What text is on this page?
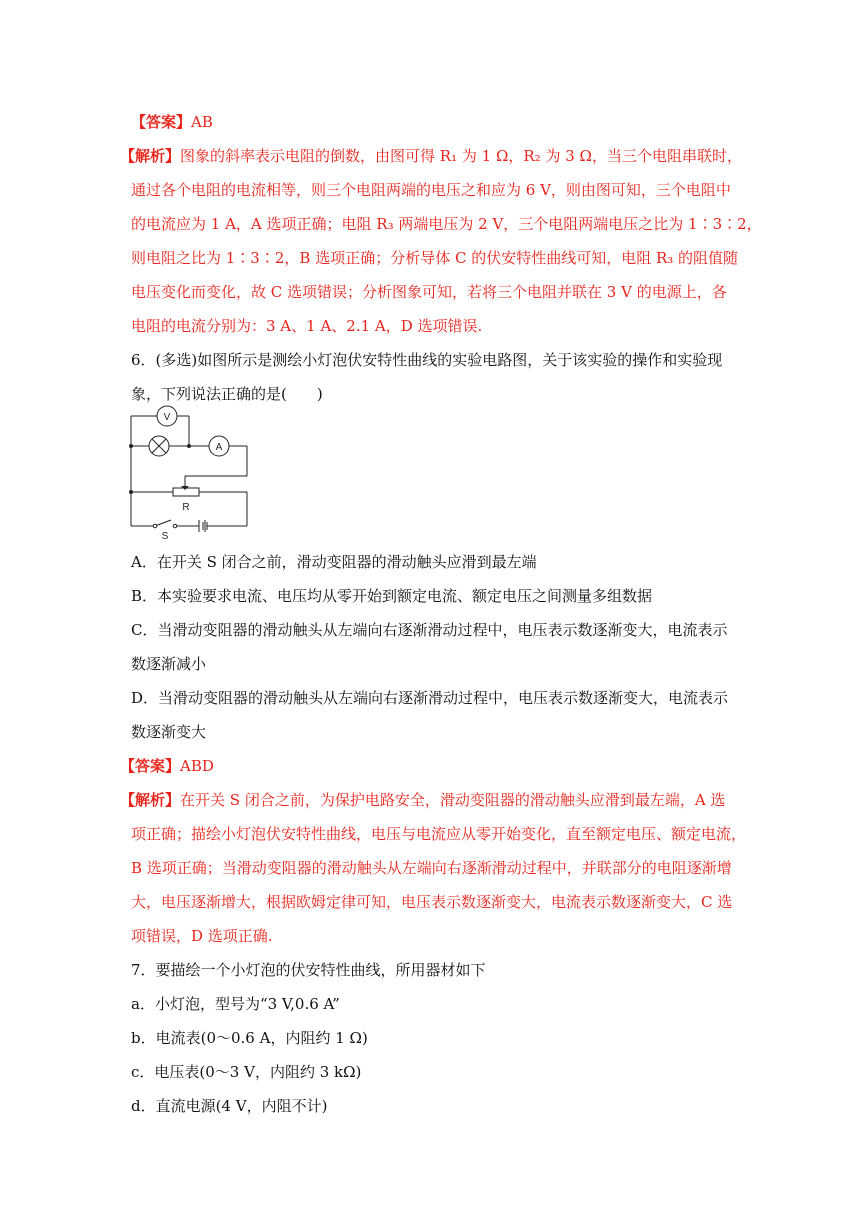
【答案】AB
【解析】图象的斜率表示电阻的倒数，由图可得 R₁ 为 1 Ω，R₂ 为 3 Ω，当三个电阻串联时，
通过各个电阻的电流相等，则三个电阻两端的电压之和应为 6 V，则由图可知，三个电阻中
的电流应为 1 A，A 选项正确；电阻 R₃ 两端电压为 2 V，三个电阻两端电压之比为 1∶3∶2，
则电阻之比为 1∶3∶2，B 选项正确；分析导体 C 的伏安特性曲线可知，电阻 R₃ 的阻值随
电压变化而变化，故 C 选项错误；分析图象可知，若将三个电阻并联在 3 V 的电源上，各
电阻的电流分别为：3 A、1 A、2.1 A，D 选项错误.
6．(多选)如图所示是测绘小灯泡伏安特性曲线的实验电路图，关于该实验的操作和实验现
象，下列说法正确的是(　　)
V
A
R
S
A．在开关 S 闭合之前，滑动变阻器的滑动触头应滑到最左端
B．本实验要求电流、电压均从零开始到额定电流、额定电压之间测量多组数据
C．当滑动变阻器的滑动触头从左端向右逐渐滑动过程中，电压表示数逐渐变大，电流表示
数逐渐减小
D．当滑动变阻器的滑动触头从左端向右逐渐滑动过程中，电压表示数逐渐变大，电流表示
数逐渐变大
【答案】ABD
【解析】在开关 S 闭合之前，为保护电路安全，滑动变阻器的滑动触头应滑到最左端，A 选
项正确；描绘小灯泡伏安特性曲线，电压与电流应从零开始变化，直至额定电压、额定电流，
B 选项正确；当滑动变阻器的滑动触头从左端向右逐渐滑动过程中，并联部分的电阻逐渐增
大，电压逐渐增大，根据欧姆定律可知，电压表示数逐渐变大，电流表示数逐渐变大，C 选
项错误，D 选项正确.
7．要描绘一个小灯泡的伏安特性曲线，所用器材如下
a．小灯泡，型号为“3 V,0.6 A”
b．电流表(0～0.6 A，内阻约 1 Ω)
c．电压表(0～3 V，内阻约 3 kΩ)
d．直流电源(4 V，内阻不计)
